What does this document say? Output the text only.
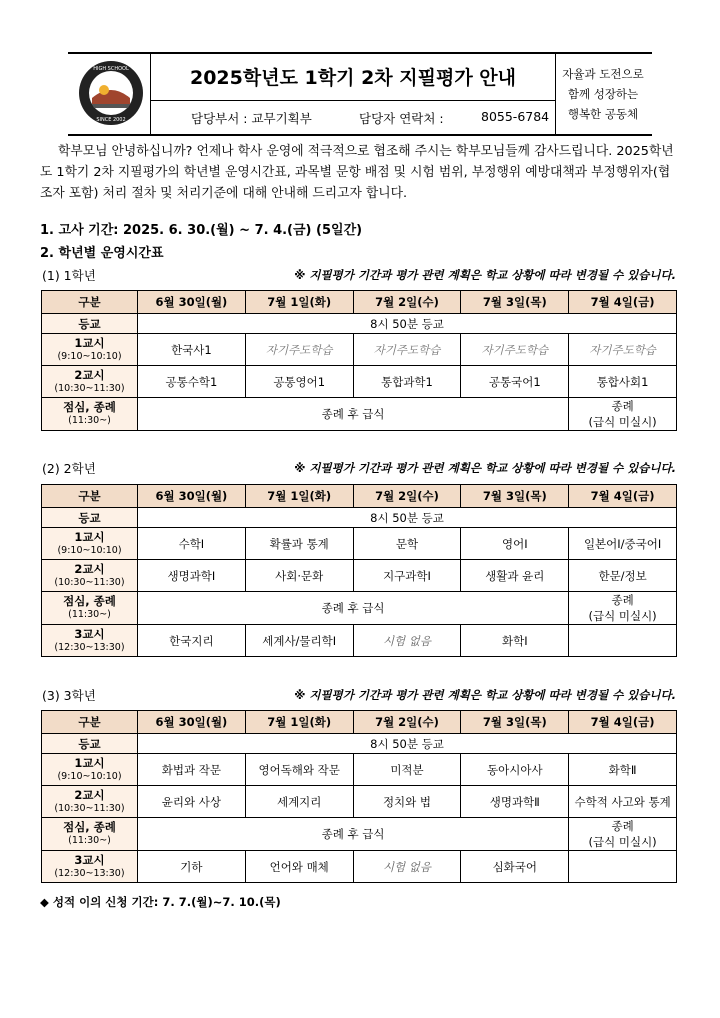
HIGH SCHOOL
SINCE 2002
2025학년도 1학기 2차 지필평가 안내
담당부서 : 교무기획부	담당자 연락처 :	8055-6784
자율과 도전으로
함께 성장하는
행복한 공동체
학부모님 안녕하십니까? 언제나 학사 운영에 적극적으로 협조해 주시는 학부모님들께 감사드립니다. 2025학년도 1학기 2차 지필평가의 학년별 운영시간표, 과목별 문항 배점 및 시험 범위, 부정행위 예방대책과 부정행위자(협조자 포함) 처리 절차 및 처리기준에 대해 안내해 드리고자 합니다.
1. 고사 기간: 2025. 6. 30.(월) ~ 7. 4.(금) (5일간)
2. 학년별 운영시간표
(1) 1학년	※ 지필평가 기간과 평가 관련 계획은 학교 상황에 따라 변경될 수 있습니다.
구분	6월 30일(월)	7월 1일(화)	7월 2일(수)	7월 3일(목)	7월 4일(금)

등교	8시 50분 등교				

1교시
(9:10~10:10)	한국사1	자기주도학습	자기주도학습	자기주도학습	자기주도학습

2교시
(10:30~11:30)	공통수학1	공통영어1	통합과학1	공통국어1	통합사회1

점심, 종례
(11:30~)	종례 후 급식				종례
(급식 미실시)
(2) 2학년	※ 지필평가 기간과 평가 관련 계획은 학교 상황에 따라 변경될 수 있습니다.
구분	6월 30일(월)	7월 1일(화)	7월 2일(수)	7월 3일(목)	7월 4일(금)

등교	8시 50분 등교				

1교시
(9:10~10:10)	수학Ⅰ	확률과 통계	문학	영어Ⅰ	일본어Ⅰ/중국어Ⅰ

2교시
(10:30~11:30)	생명과학Ⅰ	사회·문화	지구과학Ⅰ	생활과 윤리	한문/정보

점심, 종례
(11:30~)	종례 후 급식				종례
(급식 미실시)

3교시
(12:30~13:30)	한국지리	세계사/물리학Ⅰ	시험 없음	화학Ⅰ	
(3) 3학년	※ 지필평가 기간과 평가 관련 계획은 학교 상황에 따라 변경될 수 있습니다.
구분	6월 30일(월)	7월 1일(화)	7월 2일(수)	7월 3일(목)	7월 4일(금)

등교	8시 50분 등교				

1교시
(9:10~10:10)	화법과 작문	영어독해와 작문	미적분	동아시아사	화학Ⅱ

2교시
(10:30~11:30)	윤리와 사상	세계지리	정치와 법	생명과학Ⅱ	수학적 사고와 통계

점심, 종례
(11:30~)	종례 후 급식				종례
(급식 미실시)

3교시
(12:30~13:30)	기하	언어와 매체	시험 없음	심화국어	
◆ 성적 이의 신청 기간: 7. 7.(월)~7. 10.(목)
